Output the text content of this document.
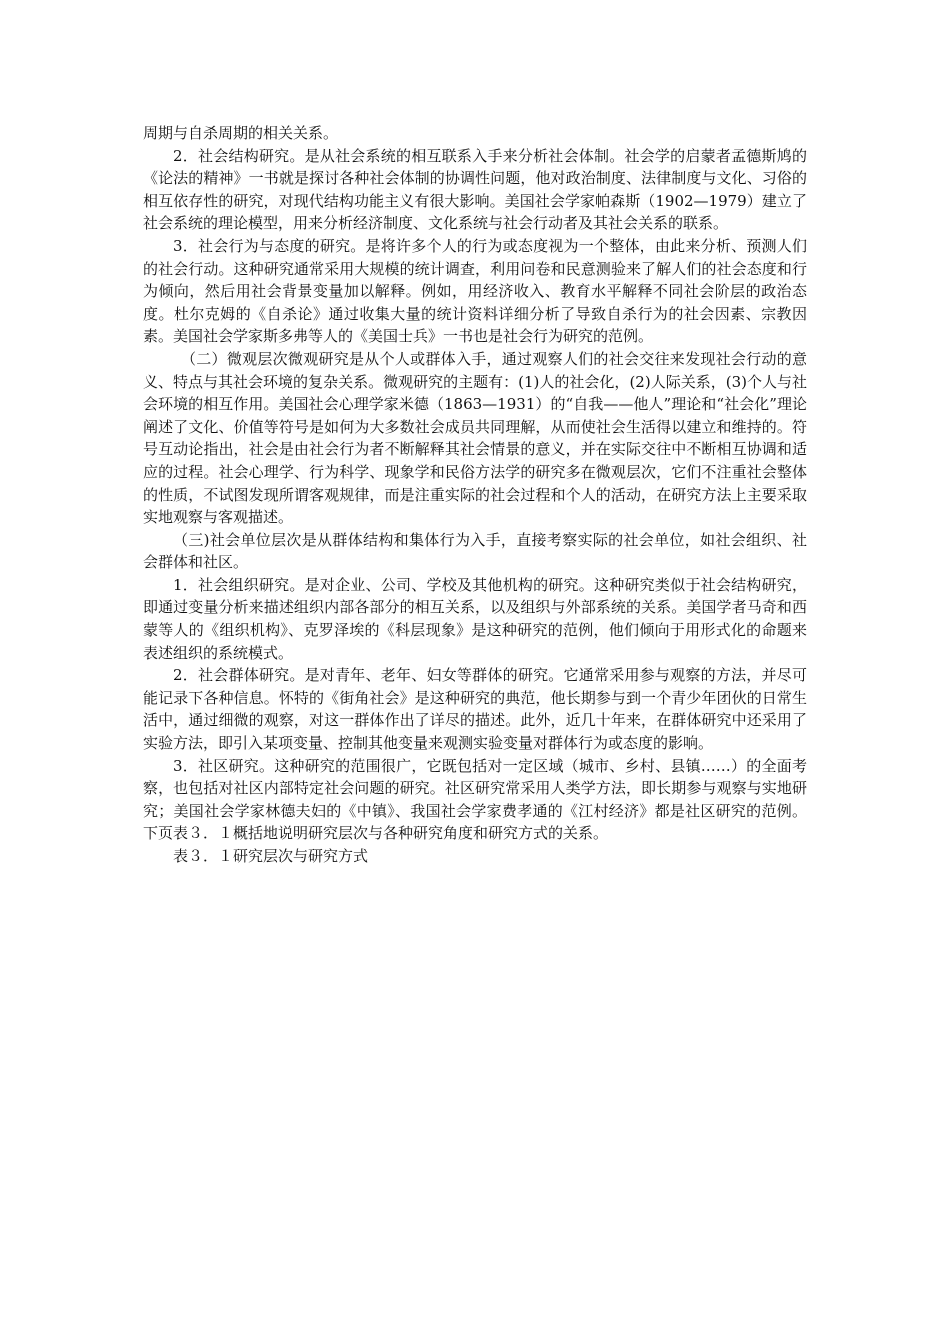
周期与自杀周期的相关关系。

2．社会结构研究。是从社会系统的相互联系入手来分析社会体制。社会学的启蒙者孟德斯鸠的《论法的精神》一书就是探讨各种社会体制的协调性问题，他对政治制度、法律制度与文化、习俗的相互依存性的研究，对现代结构功能主义有很大影响。美国社会学家帕森斯（1902—1979）建立了社会系统的理论模型，用来分析经济制度、文化系统与社会行动者及其社会关系的联系。

3．社会行为与态度的研究。是将许多个人的行为或态度视为一个整体，由此来分析、预测人们的社会行动。这种研究通常采用大规模的统计调查，利用问卷和民意测验来了解人们的社会态度和行为倾向，然后用社会背景变量加以解释。例如，用经济收入、教育水平解释不同社会阶层的政治态度。杜尔克姆的《自杀论》通过收集大量的统计资料详细分析了导致自杀行为的社会因素、宗教因素。美国社会学家斯多弗等人的《美国士兵》一书也是社会行为研究的范例。

（二）微观层次微观研究是从个人或群体入手，通过观察人们的社会交往来发现社会行动的意义、特点与其社会环境的复杂关系。微观研究的主题有：(1)人的社会化，(2)人际关系，(3)个人与社会环境的相互作用。美国社会心理学家米德（1863—1931）的“自我——他人”理论和“社会化”理论阐述了文化、价值等符号是如何为大多数社会成员共同理解，从而使社会生活得以建立和维持的。符号互动论指出，社会是由社会行为者不断解释其社会情景的意义，并在实际交往中不断相互协调和适应的过程。社会心理学、行为科学、现象学和民俗方法学的研究多在微观层次，它们不注重社会整体的性质，不试图发现所谓客观规律，而是注重实际的社会过程和个人的活动，在研究方法上主要采取实地观察与客观描述。

（三)社会单位层次是从群体结构和集体行为入手，直接考察实际的社会单位，如社会组织、社会群体和社区。

1．社会组织研究。是对企业、公司、学校及其他机构的研究。这种研究类似于社会结构研究，即通过变量分析来描述组织内部各部分的相互关系，以及组织与外部系统的关系。美国学者马奇和西蒙等人的《组织机构》、克罗泽埃的《科层现象》是这种研究的范例，他们倾向于用形式化的命题来表述组织的系统模式。

2．社会群体研究。是对青年、老年、妇女等群体的研究。它通常采用参与观察的方法，并尽可能记录下各种信息。怀特的《街角社会》是这种研究的典范，他长期参与到一个青少年团伙的日常生活中，通过细微的观察，对这一群体作出了详尽的描述。此外，近几十年来，在群体研究中还采用了实验方法，即引入某项变量、控制其他变量来观测实验变量对群体行为或态度的影响。

3．社区研究。这种研究的范围很广，它既包括对一定区域（城市、乡村、县镇……）的全面考察，也包括对社区内部特定社会问题的研究。社区研究常采用人类学方法，即长期参与观察与实地研究；美国社会学家林德夫妇的《中镇》、我国社会学家费孝通的《江村经济》都是社区研究的范例。下页表３．１概括地说明研究层次与各种研究角度和研究方式的关系。

表３．１研究层次与研究方式
